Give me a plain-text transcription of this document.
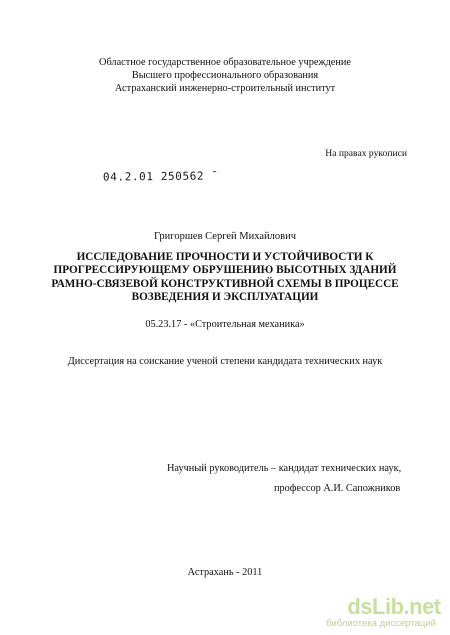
Областное государственное образовательное учреждение
Высшего профессионального образования
Астраханский инженерно-строительный институт
На правах рукописи
04.2.01 250562 ¯
Григоршев Сергей Михайлович
ИССЛЕДОВАНИЕ ПРОЧНОСТИ И УСТОЙЧИВОСТИ К
ПРОГРЕССИРУЮЩЕМУ ОБРУШЕНИЮ ВЫСОТНЫХ ЗДАНИЙ
РАМНО-СВЯЗЕВОЙ КОНСТРУКТИВНОЙ СХЕМЫ В ПРОЦЕССЕ
ВОЗВЕДЕНИЯ И ЭКСПЛУАТАЦИИ
05.23.17 - «Строительная механика»
Диссертация на соискание ученой степени кандидата технических наук
Научный руководитель – кандидат технических наук,
профессор А.И. Сапожников
Астрахань - 2011
dsLib.net
библиотека диссертаций
